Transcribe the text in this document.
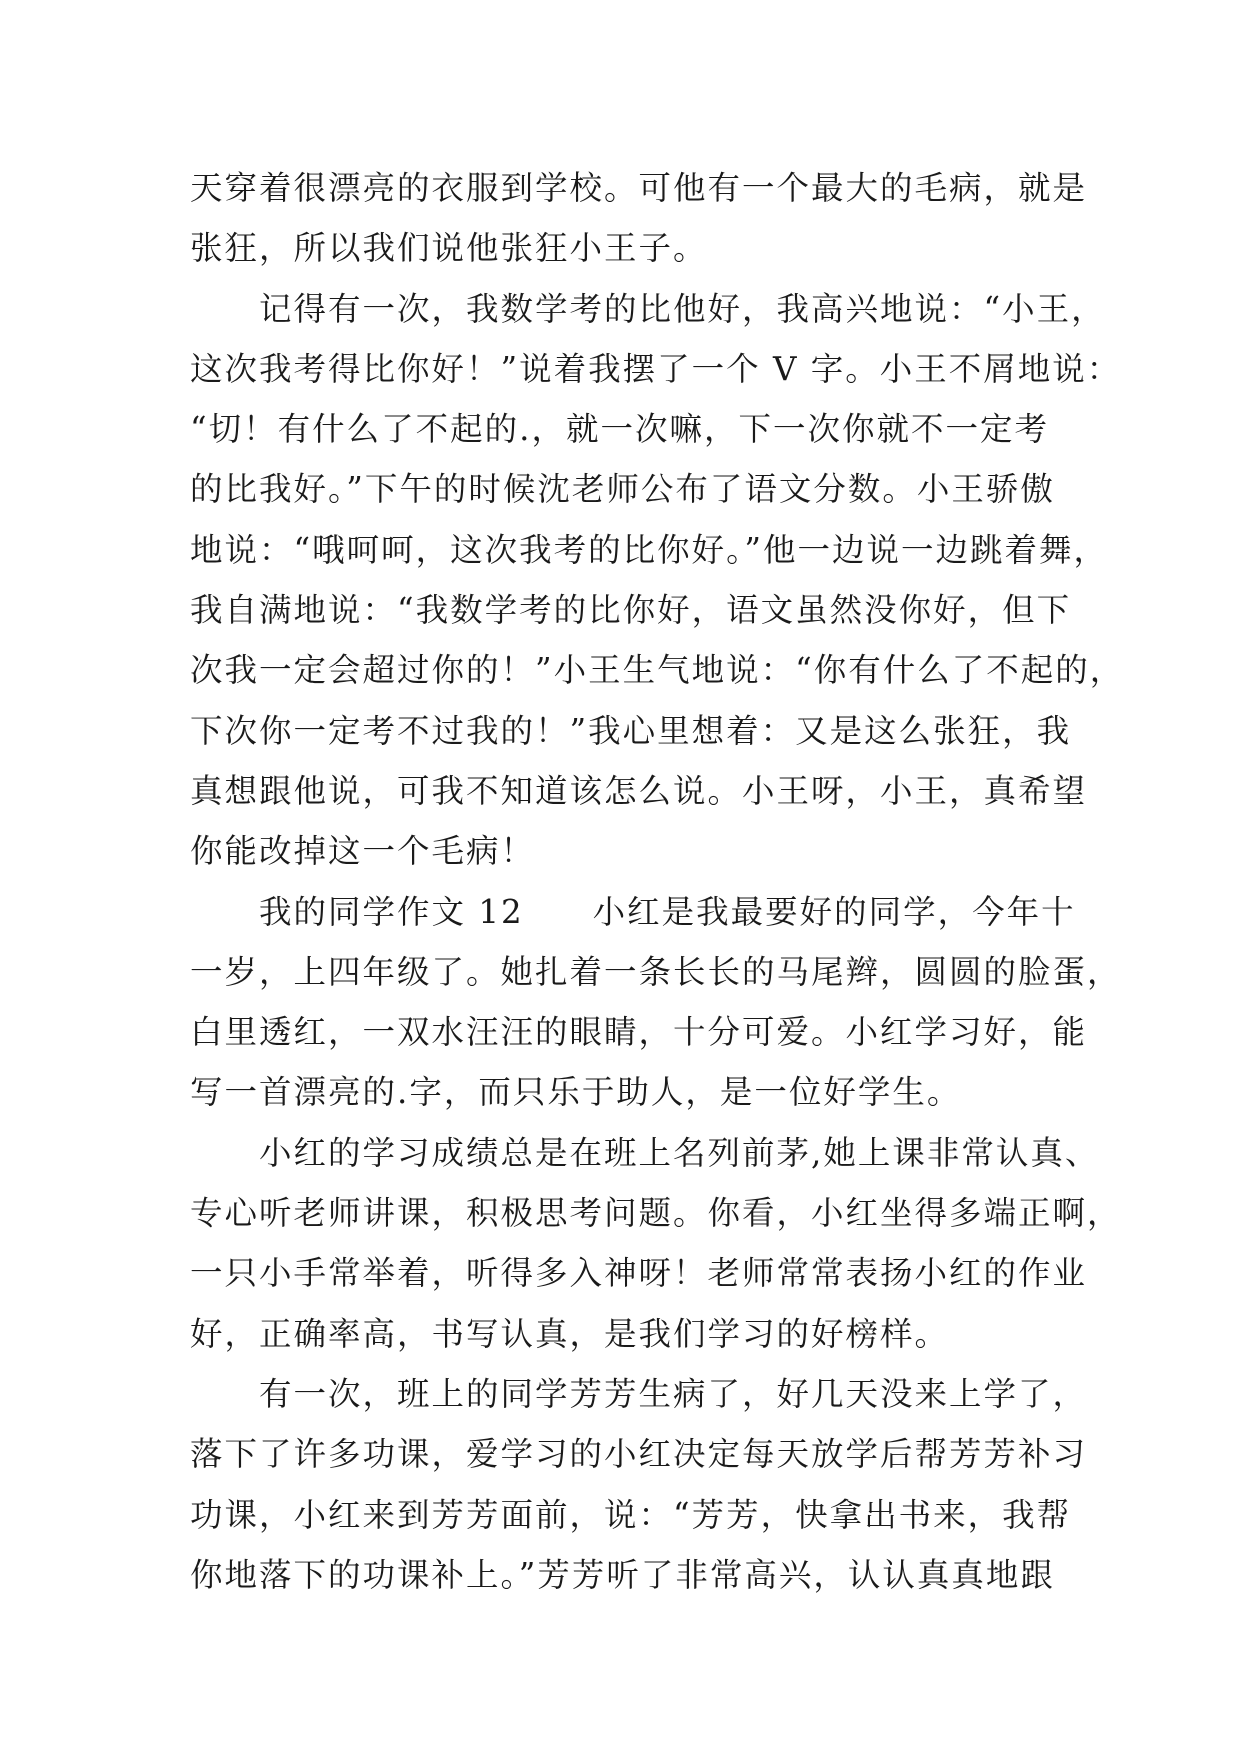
天穿着很漂亮的衣服到学校。可他有一个最大的毛病，就是
张狂，所以我们说他张狂小王子。
　　记得有一次，我数学考的比他好，我高兴地说：“小王，
这次我考得比你好！”说着我摆了一个 V 字。小王不屑地说：
“切！有什么了不起的.，就一次嘛，下一次你就不一定考
的比我好。”下午的时候沈老师公布了语文分数。小王骄傲
地说：“哦呵呵，这次我考的比你好。”他一边说一边跳着舞，
我自满地说：“我数学考的比你好，语文虽然没你好，但下
次我一定会超过你的！”小王生气地说：“你有什么了不起的，
下次你一定考不过我的！”我心里想着：又是这么张狂，我
真想跟他说，可我不知道该怎么说。小王呀，小王，真希望
你能改掉这一个毛病！
　　我的同学作文 12　　小红是我最要好的同学，今年十
一岁，上四年级了。她扎着一条长长的马尾辫，圆圆的脸蛋，
白里透红，一双水汪汪的眼睛，十分可爱。小红学习好，能
写一首漂亮的.字，而只乐于助人，是一位好学生。
　　小红的学习成绩总是在班上名列前茅,她上课非常认真、
专心听老师讲课，积极思考问题。你看，小红坐得多端正啊，
一只小手常举着，听得多入神呀！老师常常表扬小红的作业
好，正确率高，书写认真，是我们学习的好榜样。
　　有一次，班上的同学芳芳生病了，好几天没来上学了，
落下了许多功课，爱学习的小红决定每天放学后帮芳芳补习
功课，小红来到芳芳面前，说：“芳芳，快拿出书来，我帮
你地落下的功课补上。”芳芳听了非常高兴，认认真真地跟
